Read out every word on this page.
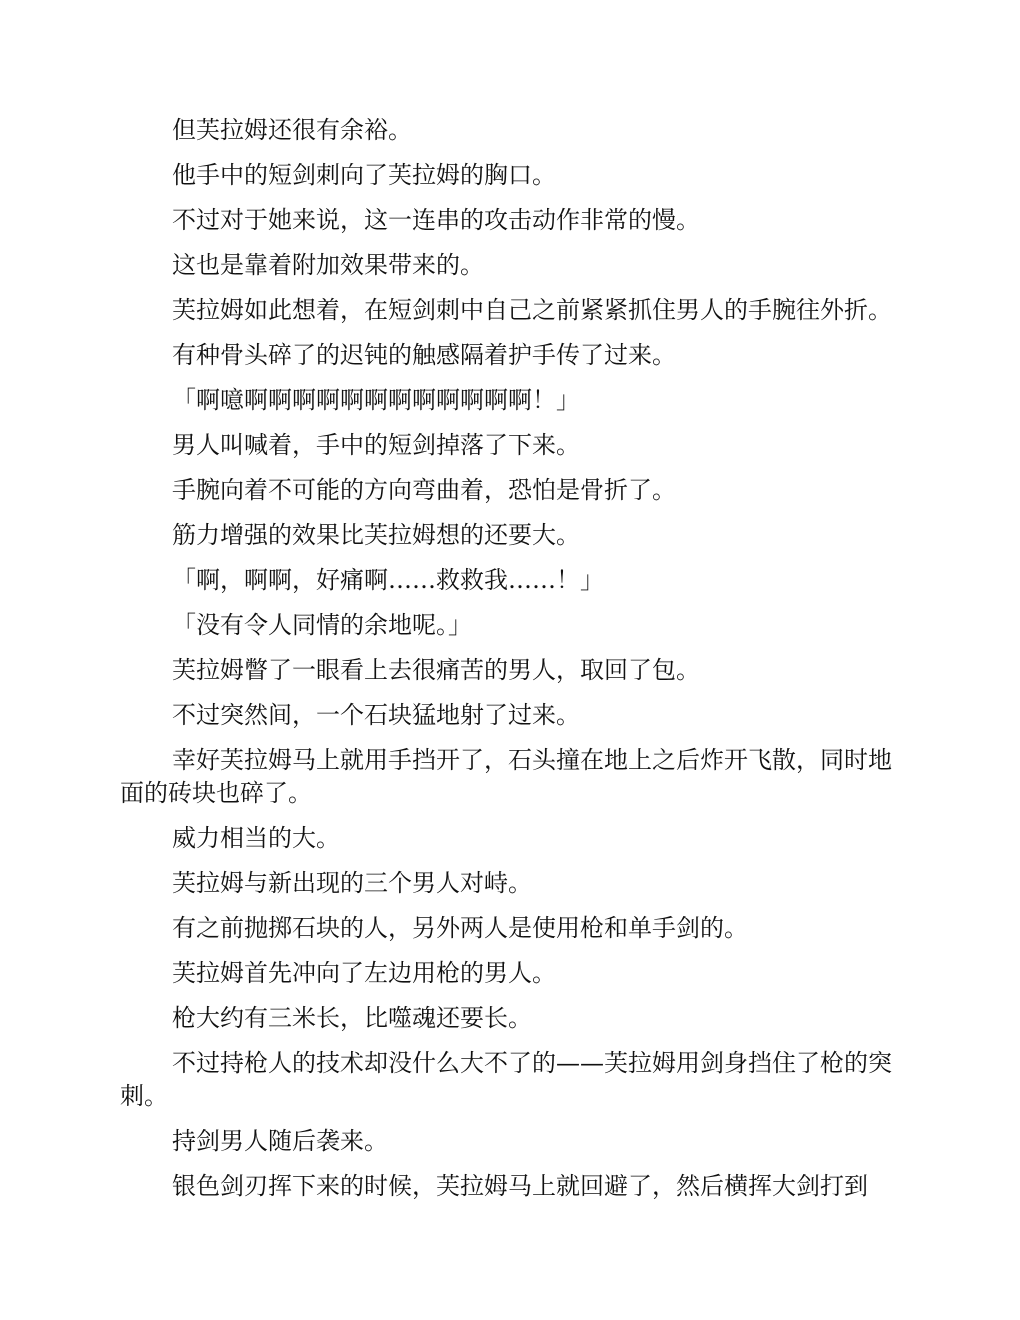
但芙拉姆还很有余裕。

他手中的短剑刺向了芙拉姆的胸口。

不过对于她来说，这一连串的攻击动作非常的慢。

这也是靠着附加效果带来的。

芙拉姆如此想着，在短剑刺中自己之前紧紧抓住男人的手腕往外折。

有种骨头碎了的迟钝的触感隔着护手传了过来。

「啊噫啊啊啊啊啊啊啊啊啊啊啊啊！」

男人叫喊着，手中的短剑掉落了下来。

手腕向着不可能的方向弯曲着，恐怕是骨折了。

筋力增强的效果比芙拉姆想的还要大。

「啊，啊啊，好痛啊……救救我……！」

「没有令人同情的余地呢。」

芙拉姆瞥了一眼看上去很痛苦的男人，取回了包。

不过突然间，一个石块猛地射了过来。

幸好芙拉姆马上就用手挡开了，石头撞在地上之后炸开飞散，同时地面的砖块也碎了。

威力相当的大。

芙拉姆与新出现的三个男人对峙。

有之前抛掷石块的人，另外两人是使用枪和单手剑的。

芙拉姆首先冲向了左边用枪的男人。

枪大约有三米长，比噬魂还要长。

不过持枪人的技术却没什么大不了的——芙拉姆用剑身挡住了枪的突刺。

持剑男人随后袭来。

银色剑刃挥下来的时候，芙拉姆马上就回避了，然后横挥大剑打到
